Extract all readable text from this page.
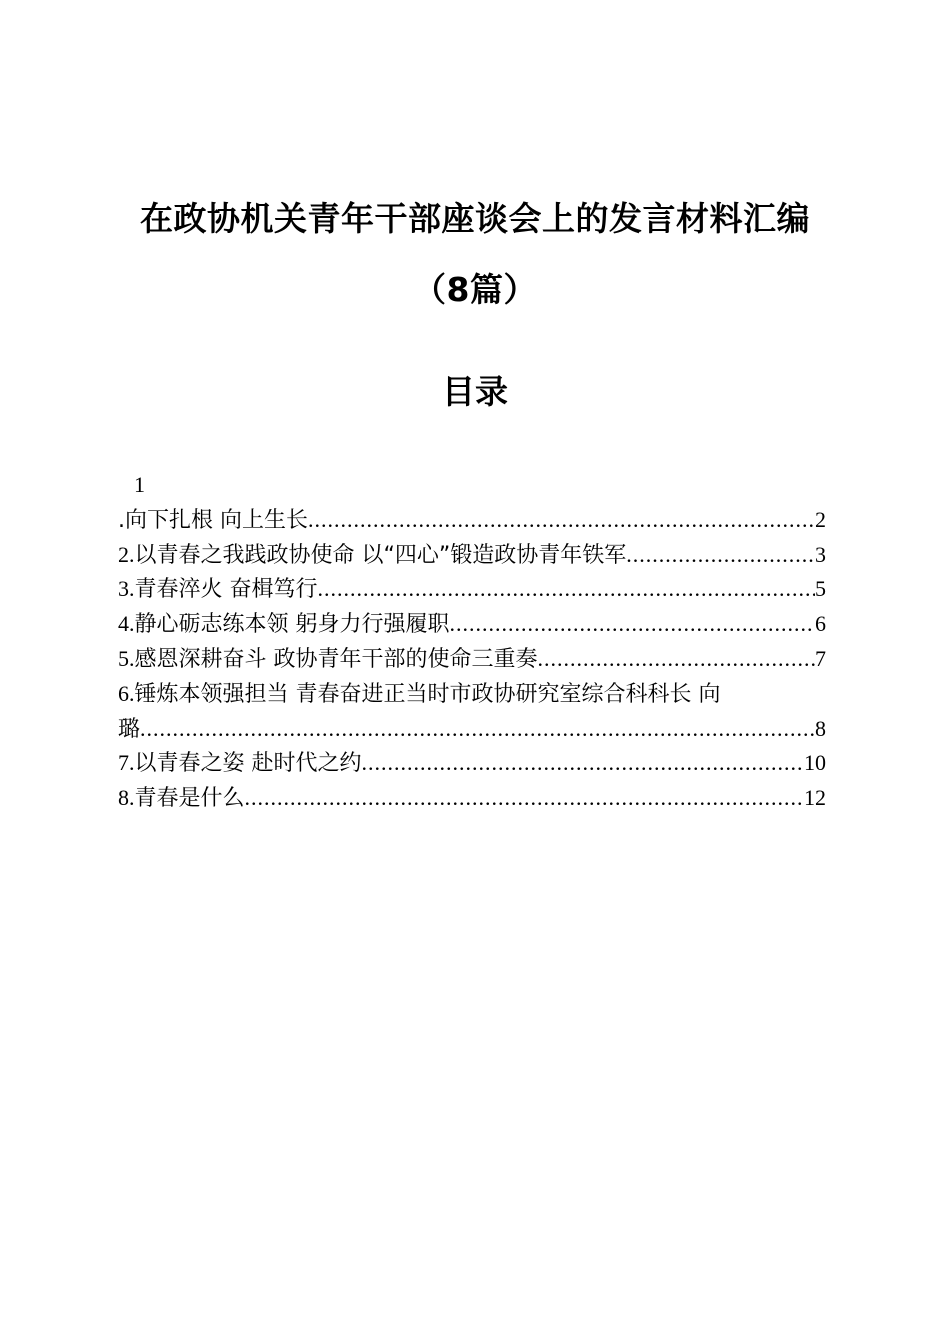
在政协机关青年干部座谈会上的发言材料汇编
（8篇）
目录
1
.向下扎根 向上生长 .....	2
2. 以青春之我践政协使命 以“四心”锻造政协青年铁军 .....	3
3. 青春淬火 奋楫笃行 .....	5
4. 静心砺志练本领 躬身力行强履职 .....	6
5. 感恩深耕奋斗 政协青年干部的使命三重奏 .....	7
6. 锤炼本领强担当 青春奋进正当时市政协研究室综合科科长 向
璐 .....	8
7. 以青春之姿 赴时代之约 .....	10
8. 青春是什么 .....	12
